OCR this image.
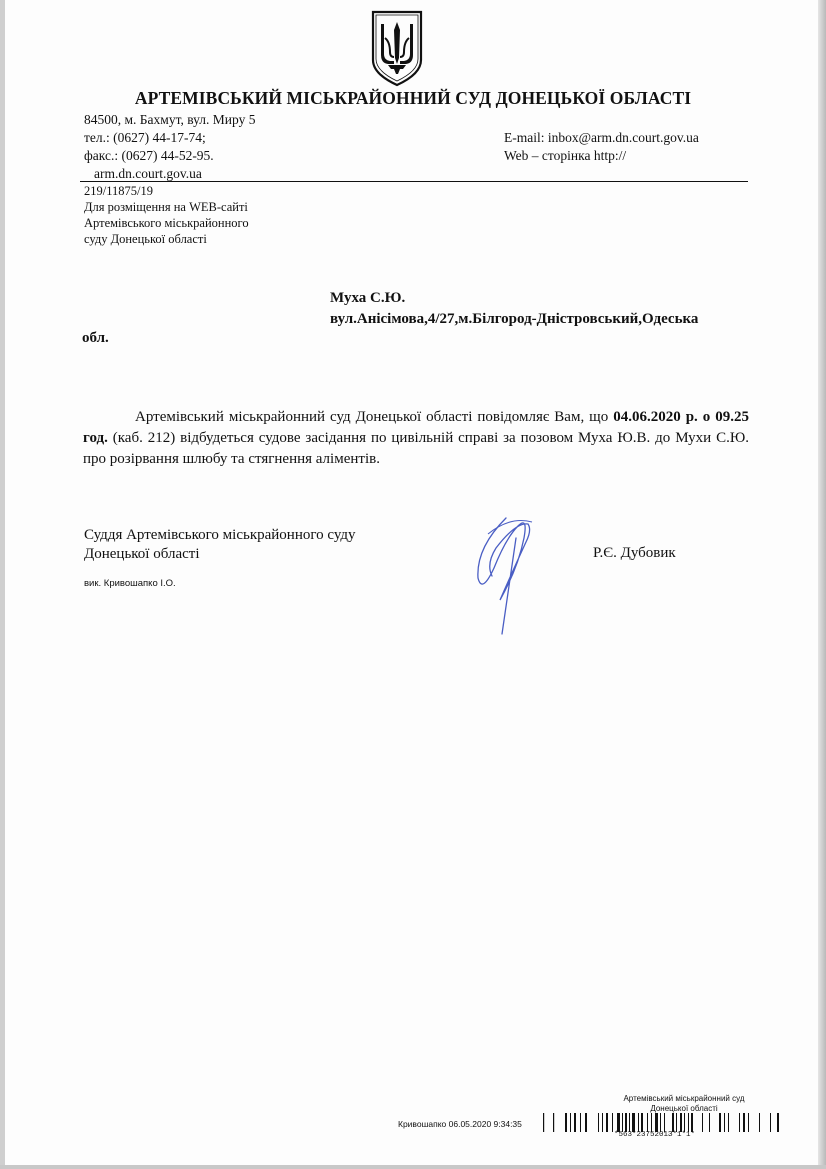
АРТЕМІВСЬКИЙ МІСЬКРАЙОННИЙ СУД ДОНЕЦЬКОЇ ОБЛАСТІ
84500, м. Бахмут, вул. Миру 5
тел.: (0627) 44-17-74;
факс.: (0627) 44-52-95.
arm.dn.court.gov.ua
E-mail: inbox@arm.dn.court.gov.ua
Web – сторінка http://
219/11875/19
Для розміщення на WEB-сайті
Артемівського міськрайонного
суду Донецької області
Муха С.Ю.
вул.Анісімова,4/27,м.Білгород-Дністровський,Одеська
обл.
Артемівський міськрайонний суд Донецької області повідомляє Вам, що 04.06.2020 р. о 09.25 год. (каб. 212) відбудеться судове засідання по цивільній справі за позовом Муха Ю.В. до Мухи С.Ю. про розірвання шлюбу та стягнення аліментів.
Суддя Артемівського міськрайонного суду
Донецької області	Р.Є. Дубовик
вик. Кривошапко І.О.
Артемівський міськрайонний суд
Донецької області
Кривошапко 06.05.2020 9:34:35
*563*2375201З*1*1*
